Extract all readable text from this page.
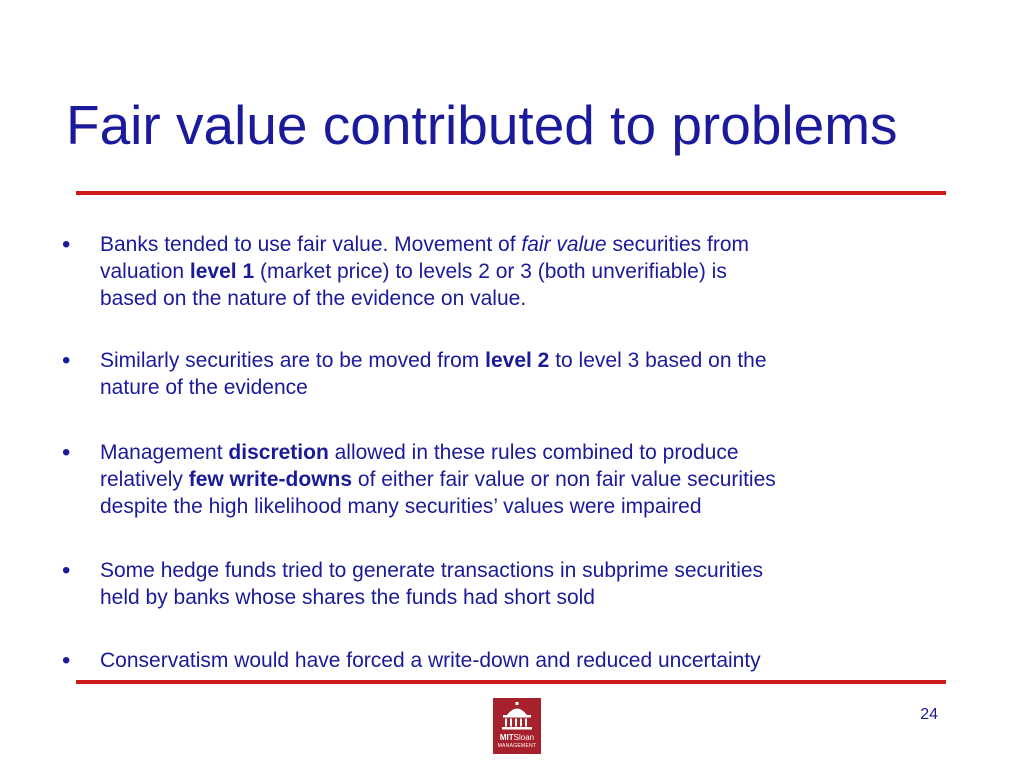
Fair value contributed to problems
• Banks tended to use fair value. Movement of fair value securities from
valuation level 1 (market price) to levels 2 or 3 (both unverifiable) is
based on the nature of the evidence on value.
• Similarly securities are to be moved from level 2 to level 3 based on the
nature of the evidence
• Management discretion allowed in these rules combined to produce
relatively few write-downs of either fair value or non fair value securities
despite the high likelihood many securities’ values were impaired
• Some hedge funds tried to generate transactions in subprime securities
held by banks whose shares the funds had short sold
• Conservatism would have forced a write-down and reduced uncertainty
MITSloan
MANAGEMENT
24
